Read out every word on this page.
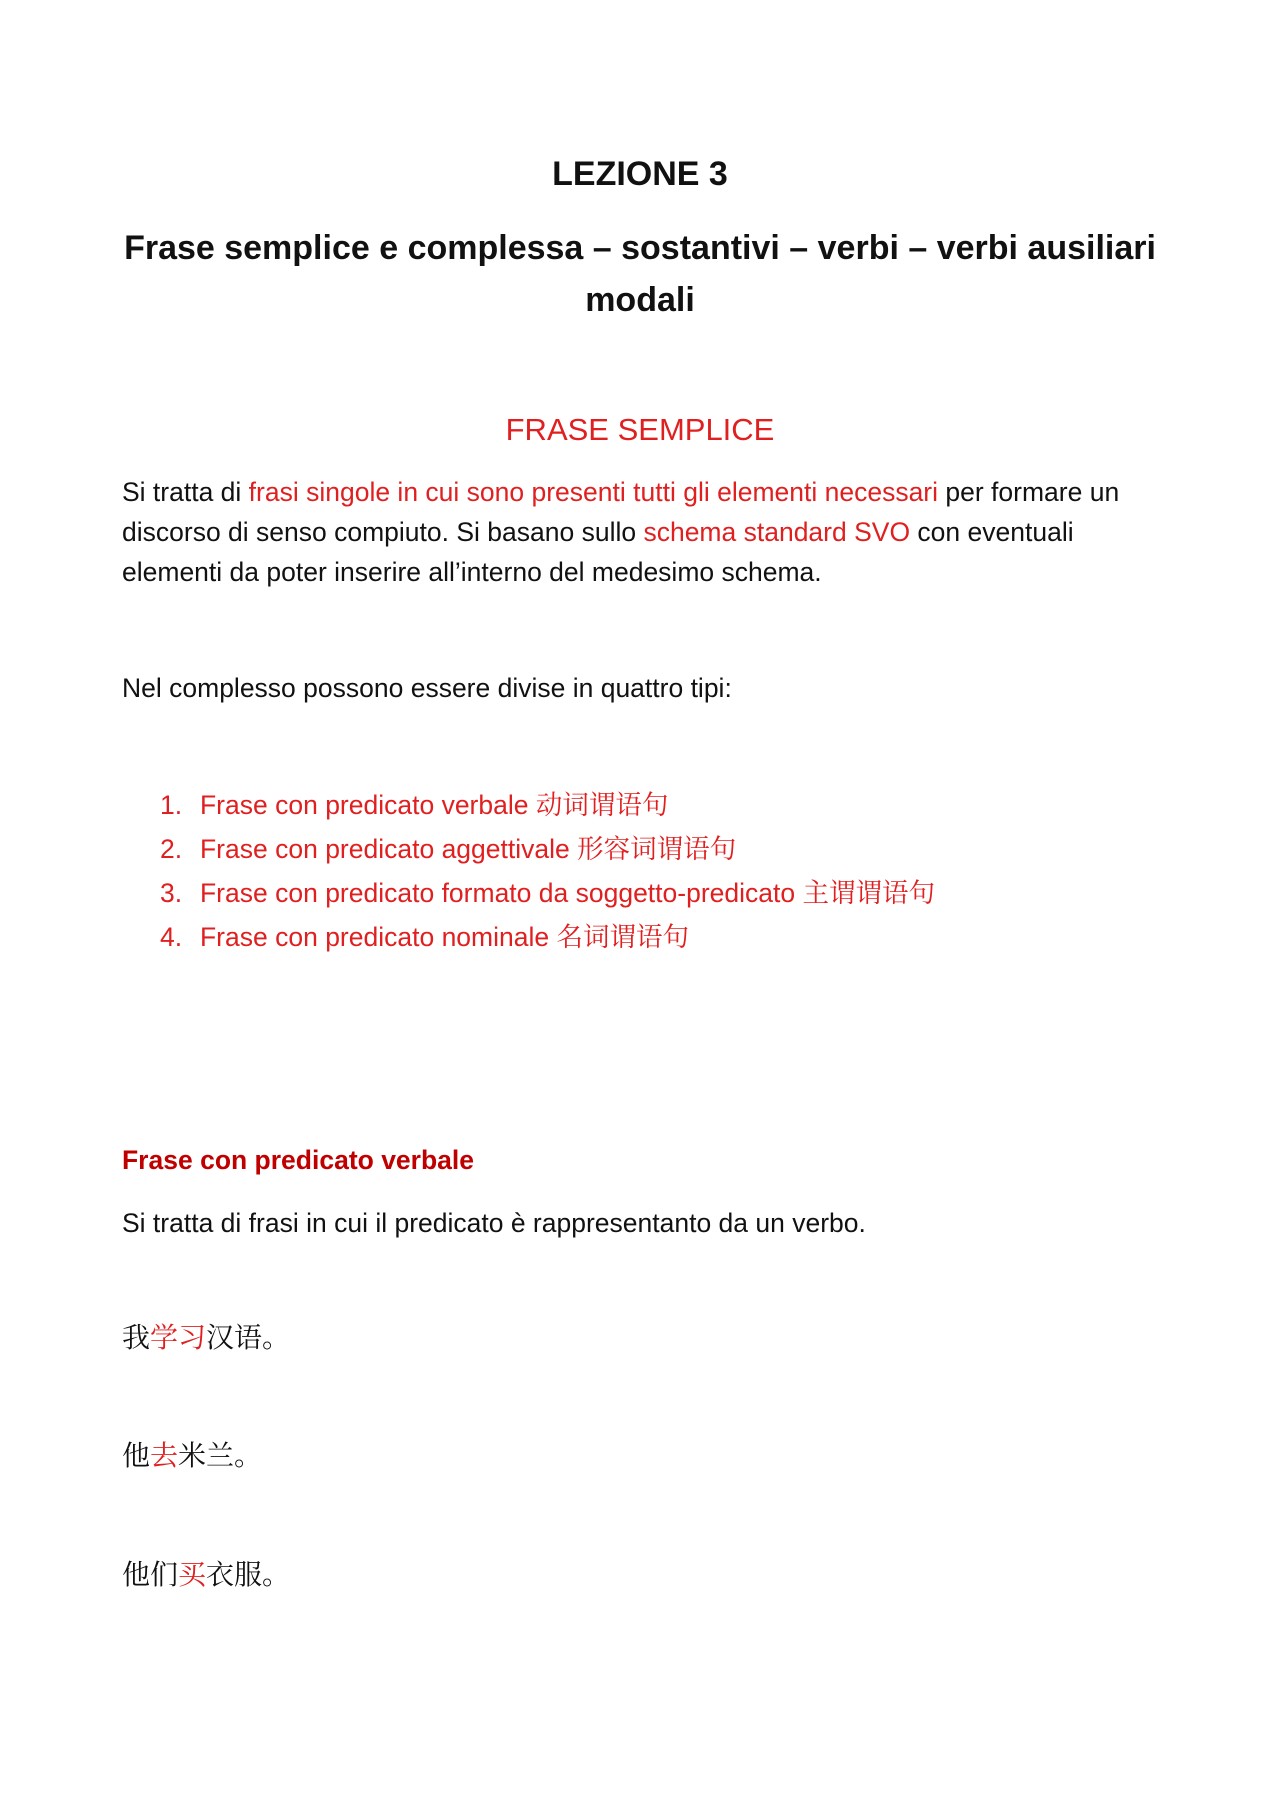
LEZIONE 3
Frase semplice e complessa – sostantivi – verbi – verbi ausiliari modali
FRASE SEMPLICE

Si tratta di frasi singole in cui sono presenti tutti gli elementi necessari per formare un discorso di senso compiuto. Si basano sullo schema standard SVO con eventuali elementi da poter inserire all’interno del medesimo schema.

Nel complesso possono essere divise in quattro tipi:

1. Frase con predicato verbale 动词谓语句
2. Frase con predicato aggettivale 形容词谓语句
3. Frase con predicato formato da soggetto-predicato 主谓谓语句
4. Frase con predicato nominale 名词谓语句
Frase con predicato verbale

Si tratta di frasi in cui il predicato è rappresentanto da un verbo.

我学习汉语。

他去米兰。

他们买衣服。
